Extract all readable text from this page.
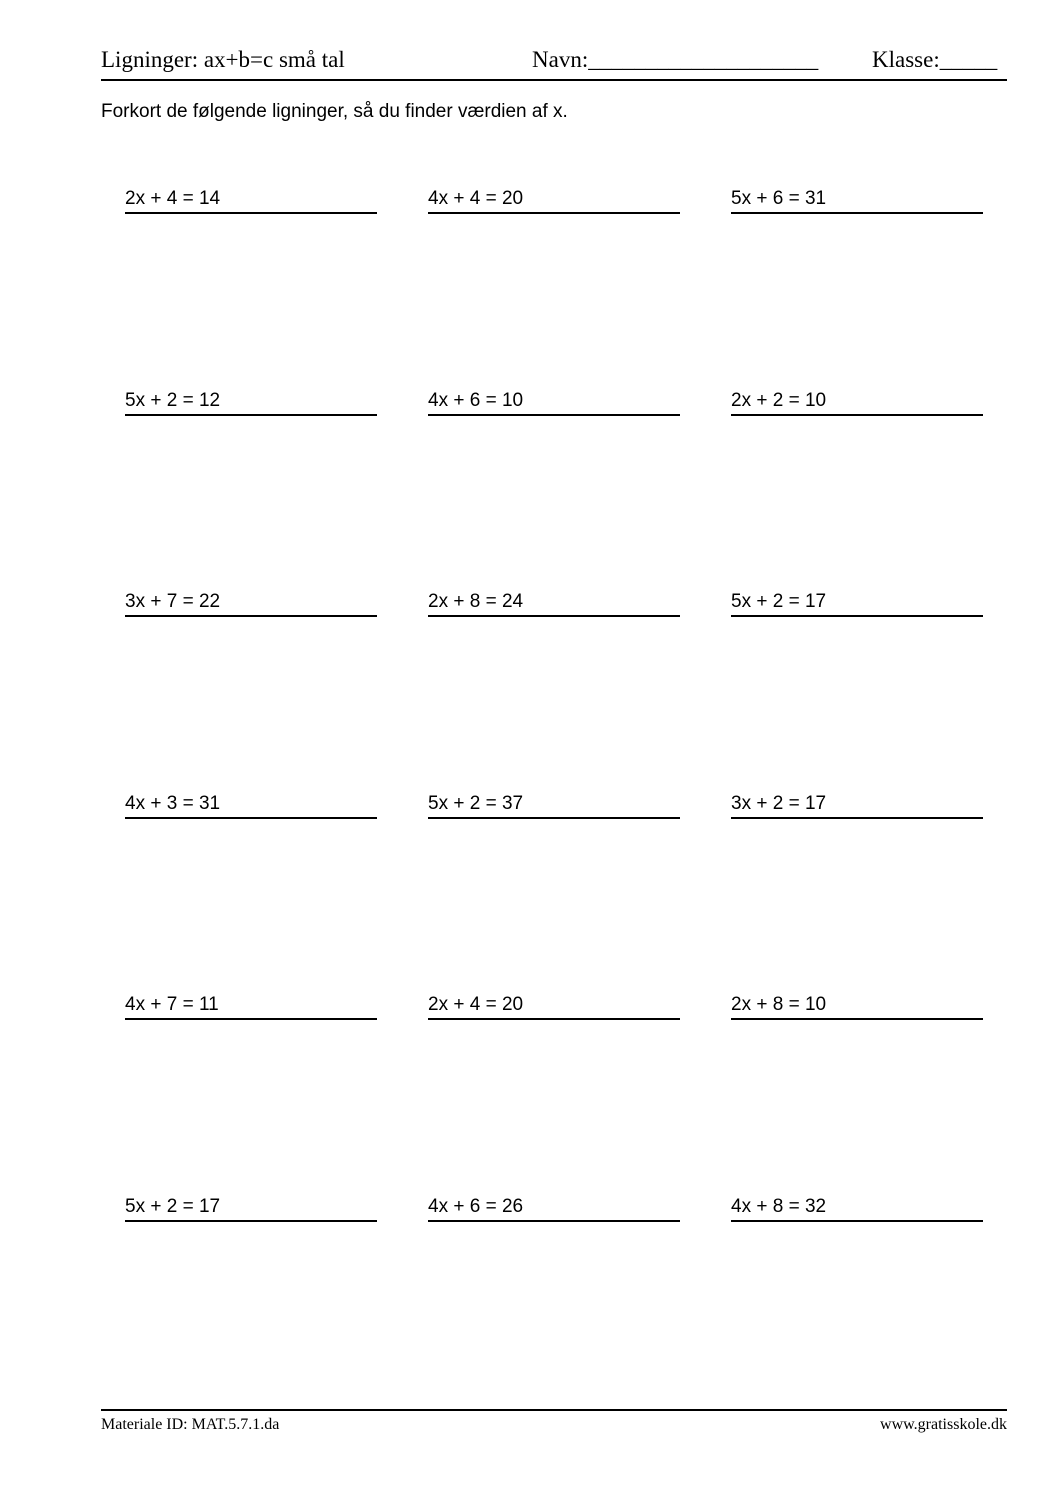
Ligninger: ax+b=c små tal	Navn:____________________ Klasse:_____
Forkort de følgende ligninger, så du finder værdien af x.
2x + 4 = 14	4x + 4 = 20	5x + 6 = 31
5x + 2 = 12	4x + 6 = 10	2x + 2 = 10
3x + 7 = 22	2x + 8 = 24	5x + 2 = 17
4x + 3 = 31	5x + 2 = 37	3x + 2 = 17
4x + 7 = 11	2x + 4 = 20	2x + 8 = 10
5x + 2 = 17	4x + 6 = 26	4x + 8 = 32
Materiale ID: MAT.5.7.1.da	www.gratisskole.dk
